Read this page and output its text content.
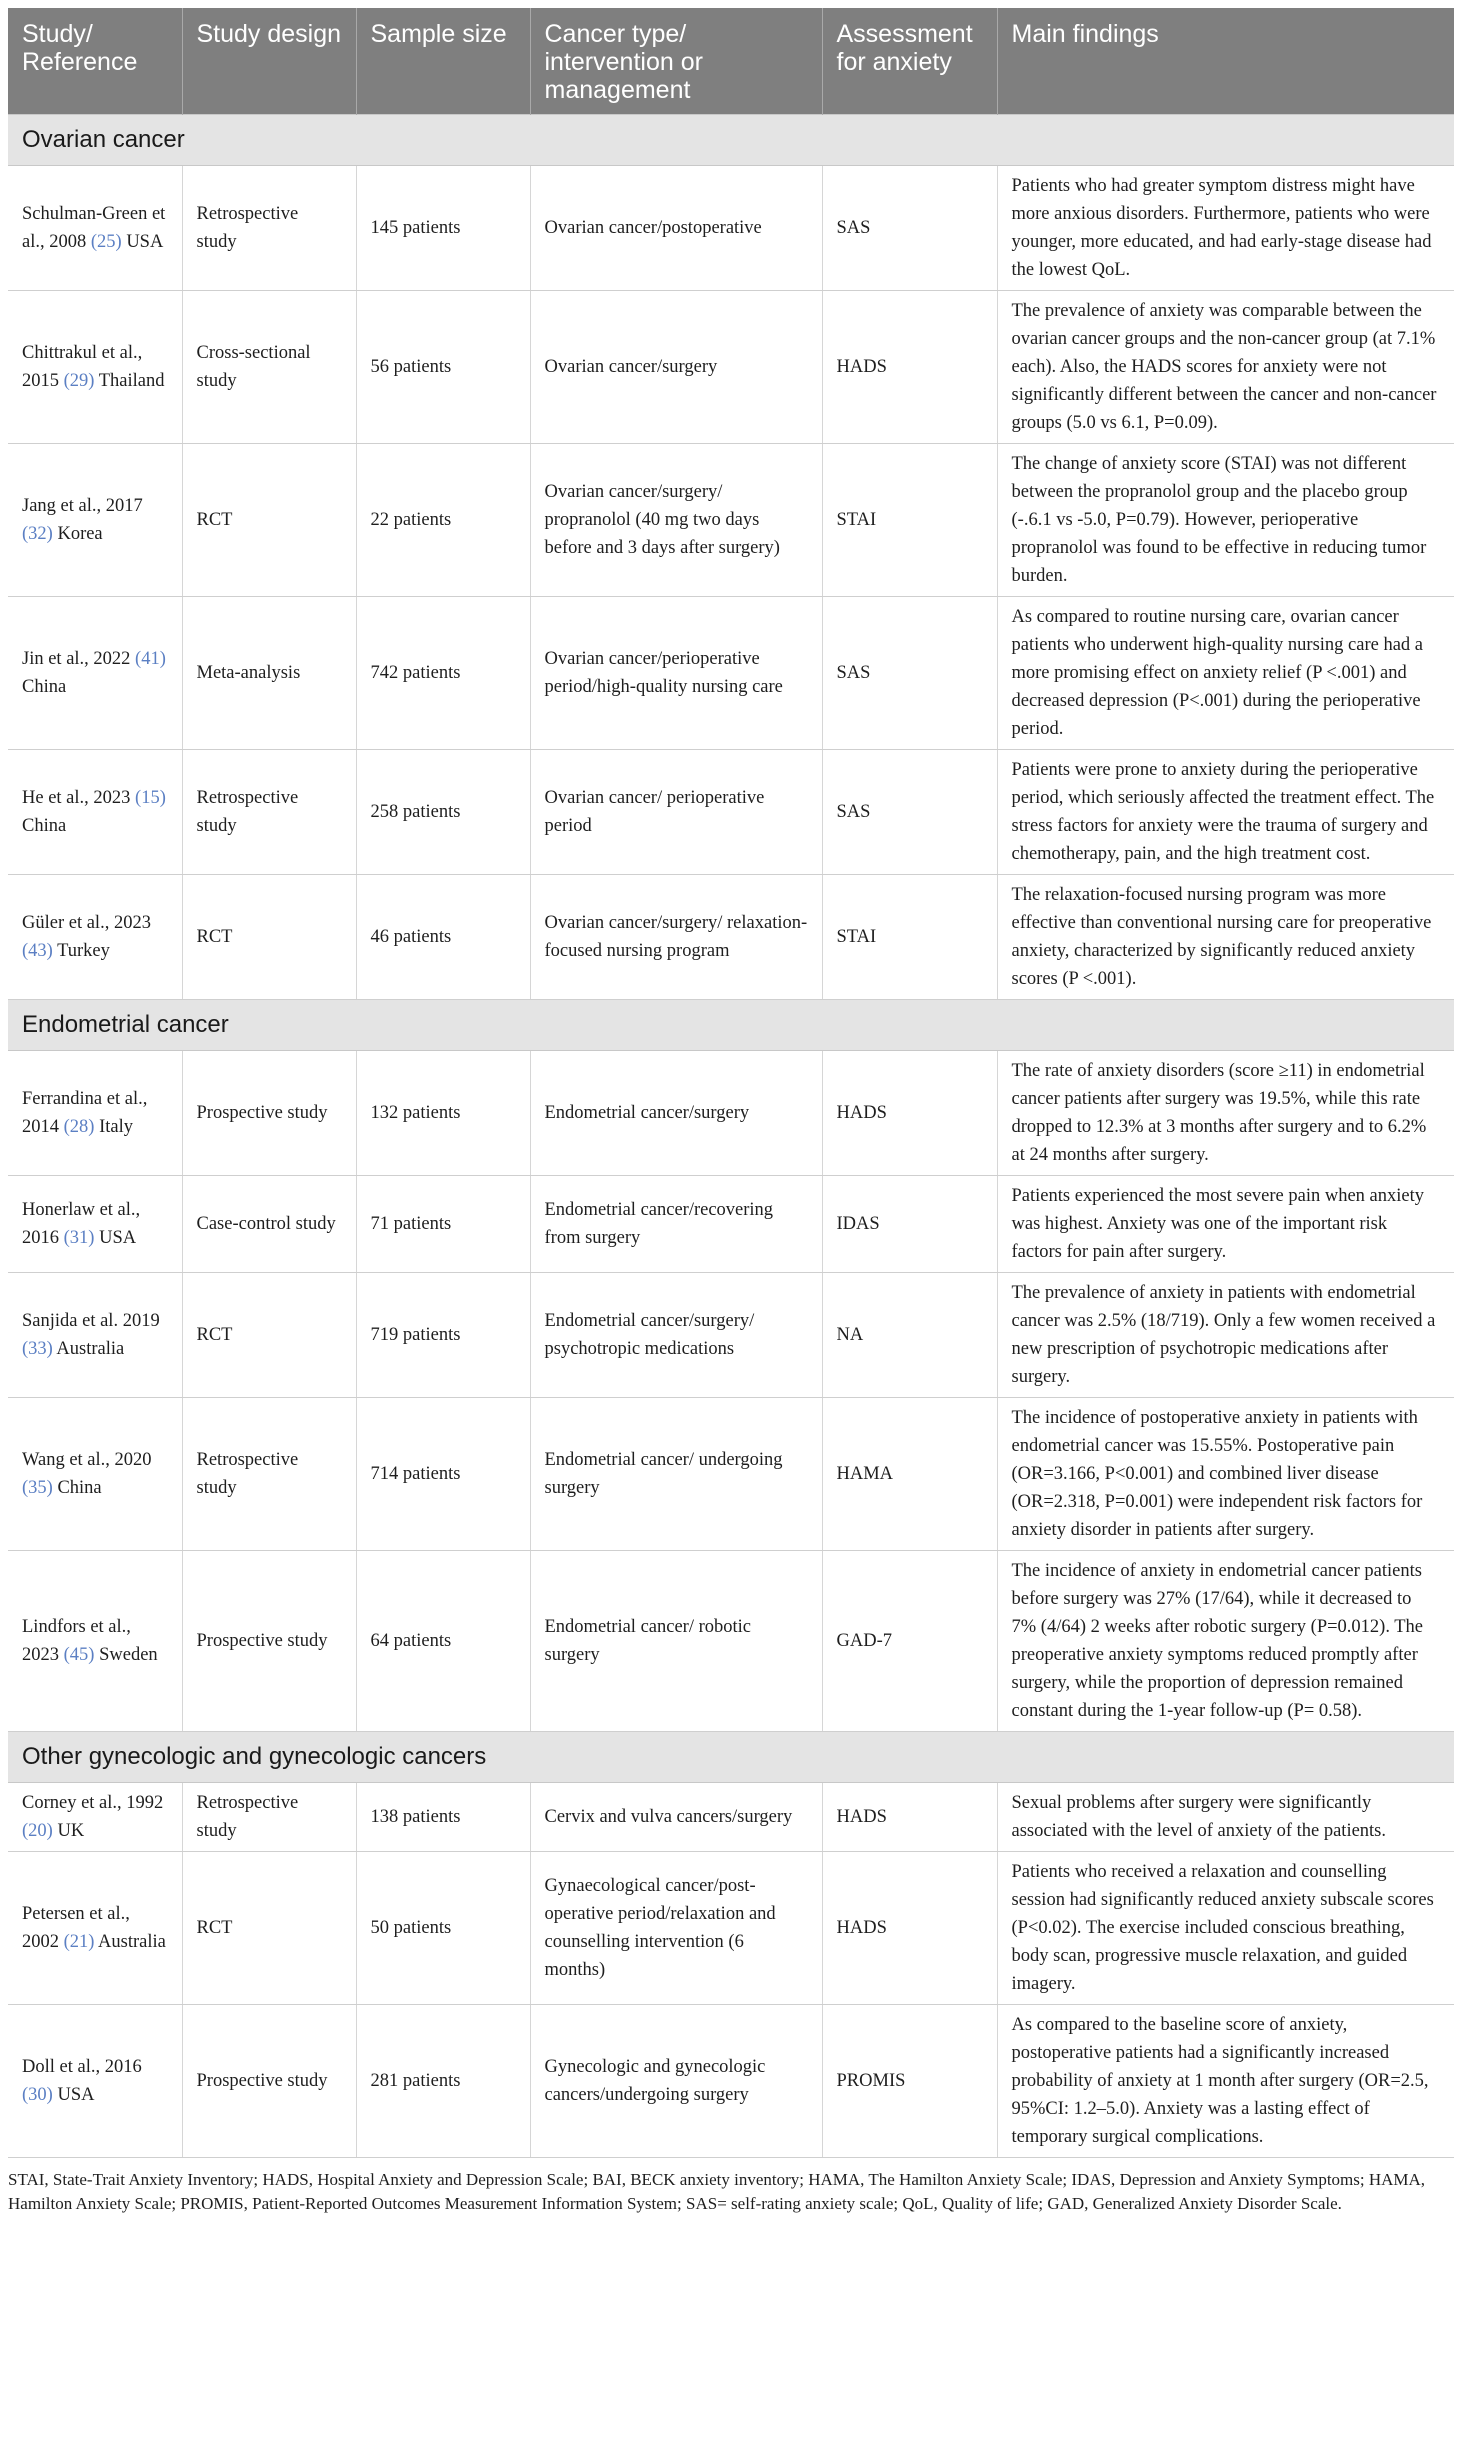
Study/ Reference	Study design	Sample size	Cancer type/ intervention or management	Assessment for anxiety	Main findings
Ovarian cancer					
Schulman-Green et al., 2008 (25) USA	Retrospective study	145 patients	Ovarian cancer/postoperative	SAS	Patients who had greater symptom distress might have more anxious disorders. Furthermore, patients who were younger, more educated, and had early-stage disease had the lowest QoL.
Chittrakul et al., 2015 (29) Thailand	Cross-sectional study	56 patients	Ovarian cancer/surgery	HADS	The prevalence of anxiety was comparable between the ovarian cancer groups and the non-cancer group (at 7.1% each). Also, the HADS scores for anxiety were not significantly different between the cancer and non-cancer groups (5.0 vs 6.1, P=0.09).
Jang et al., 2017 (32) Korea	RCT	22 patients	Ovarian cancer/surgery/ propranolol (40 mg two days before and 3 days after surgery)	STAI	The change of anxiety score (STAI) was not different between the propranolol group and the placebo group (-.6.1 vs -5.0, P=0.79). However, perioperative propranolol was found to be effective in reducing tumor burden.
Jin et al., 2022 (41) China	Meta-analysis	742 patients	Ovarian cancer/perioperative period/high-quality nursing care	SAS	As compared to routine nursing care, ovarian cancer patients who underwent high-quality nursing care had a more promising effect on anxiety relief (P <.001) and decreased depression (P<.001) during the perioperative period.
He et al., 2023 (15) China	Retrospective study	258 patients	Ovarian cancer/ perioperative period	SAS	Patients were prone to anxiety during the perioperative period, which seriously affected the treatment effect. The stress factors for anxiety were the trauma of surgery and chemotherapy, pain, and the high treatment cost.
Güler et al., 2023 (43) Turkey	RCT	46 patients	Ovarian cancer/surgery/ relaxation-focused nursing program	STAI	The relaxation-focused nursing program was more effective than conventional nursing care for preoperative anxiety, characterized by significantly reduced anxiety scores (P <.001).
Endometrial cancer					
Ferrandina et al., 2014 (28) Italy	Prospective study	132 patients	Endometrial cancer/surgery	HADS	The rate of anxiety disorders (score ≥11) in endometrial cancer patients after surgery was 19.5%, while this rate dropped to 12.3% at 3 months after surgery and to 6.2% at 24 months after surgery.
Honerlaw et al., 2016 (31) USA	Case-control study	71 patients	Endometrial cancer/recovering from surgery	IDAS	Patients experienced the most severe pain when anxiety was highest. Anxiety was one of the important risk factors for pain after surgery.
Sanjida et al. 2019 (33) Australia	RCT	719 patients	Endometrial cancer/surgery/ psychotropic medications	NA	The prevalence of anxiety in patients with endometrial cancer was 2.5% (18/719). Only a few women received a new prescription of psychotropic medications after surgery.
Wang et al., 2020 (35) China	Retrospective study	714 patients	Endometrial cancer/ undergoing surgery	HAMA	The incidence of postoperative anxiety in patients with endometrial cancer was 15.55%. Postoperative pain (OR=3.166, P<0.001) and combined liver disease (OR=2.318, P=0.001) were independent risk factors for anxiety disorder in patients after surgery.
Lindfors et al., 2023 (45) Sweden	Prospective study	64 patients	Endometrial cancer/ robotic surgery	GAD-7	The incidence of anxiety in endometrial cancer patients before surgery was 27% (17/64), while it decreased to 7% (4/64) 2 weeks after robotic surgery (P=0.012). The preoperative anxiety symptoms reduced promptly after surgery, while the proportion of depression remained constant during the 1-year follow-up (P= 0.58).
Other gynecologic and gynecologic cancers					
Corney et al., 1992 (20) UK	Retrospective study	138 patients	Cervix and vulva cancers/surgery	HADS	Sexual problems after surgery were significantly associated with the level of anxiety of the patients.
Petersen et al., 2002 (21) Australia	RCT	50 patients	Gynaecological cancer/post-operative period/relaxation and counselling intervention (6 months)	HADS	Patients who received a relaxation and counselling session had significantly reduced anxiety subscale scores (P<0.02). The exercise included conscious breathing, body scan, progressive muscle relaxation, and guided imagery.
Doll et al., 2016 (30) USA	Prospective study	281 patients	Gynecologic and gynecologic cancers/undergoing surgery	PROMIS	As compared to the baseline score of anxiety, postoperative patients had a significantly increased probability of anxiety at 1 month after surgery (OR=2.5, 95%CI: 1.2–5.0). Anxiety was a lasting effect of temporary surgical complications.
STAI, State-Trait Anxiety Inventory; HADS, Hospital Anxiety and Depression Scale; BAI, BECK anxiety inventory; HAMA, The Hamilton Anxiety Scale; IDAS, Depression and Anxiety Symptoms; HAMA, Hamilton Anxiety Scale; PROMIS, Patient-Reported Outcomes Measurement Information System; SAS= self-rating anxiety scale; QoL, Quality of life; GAD, Generalized Anxiety Disorder Scale.
